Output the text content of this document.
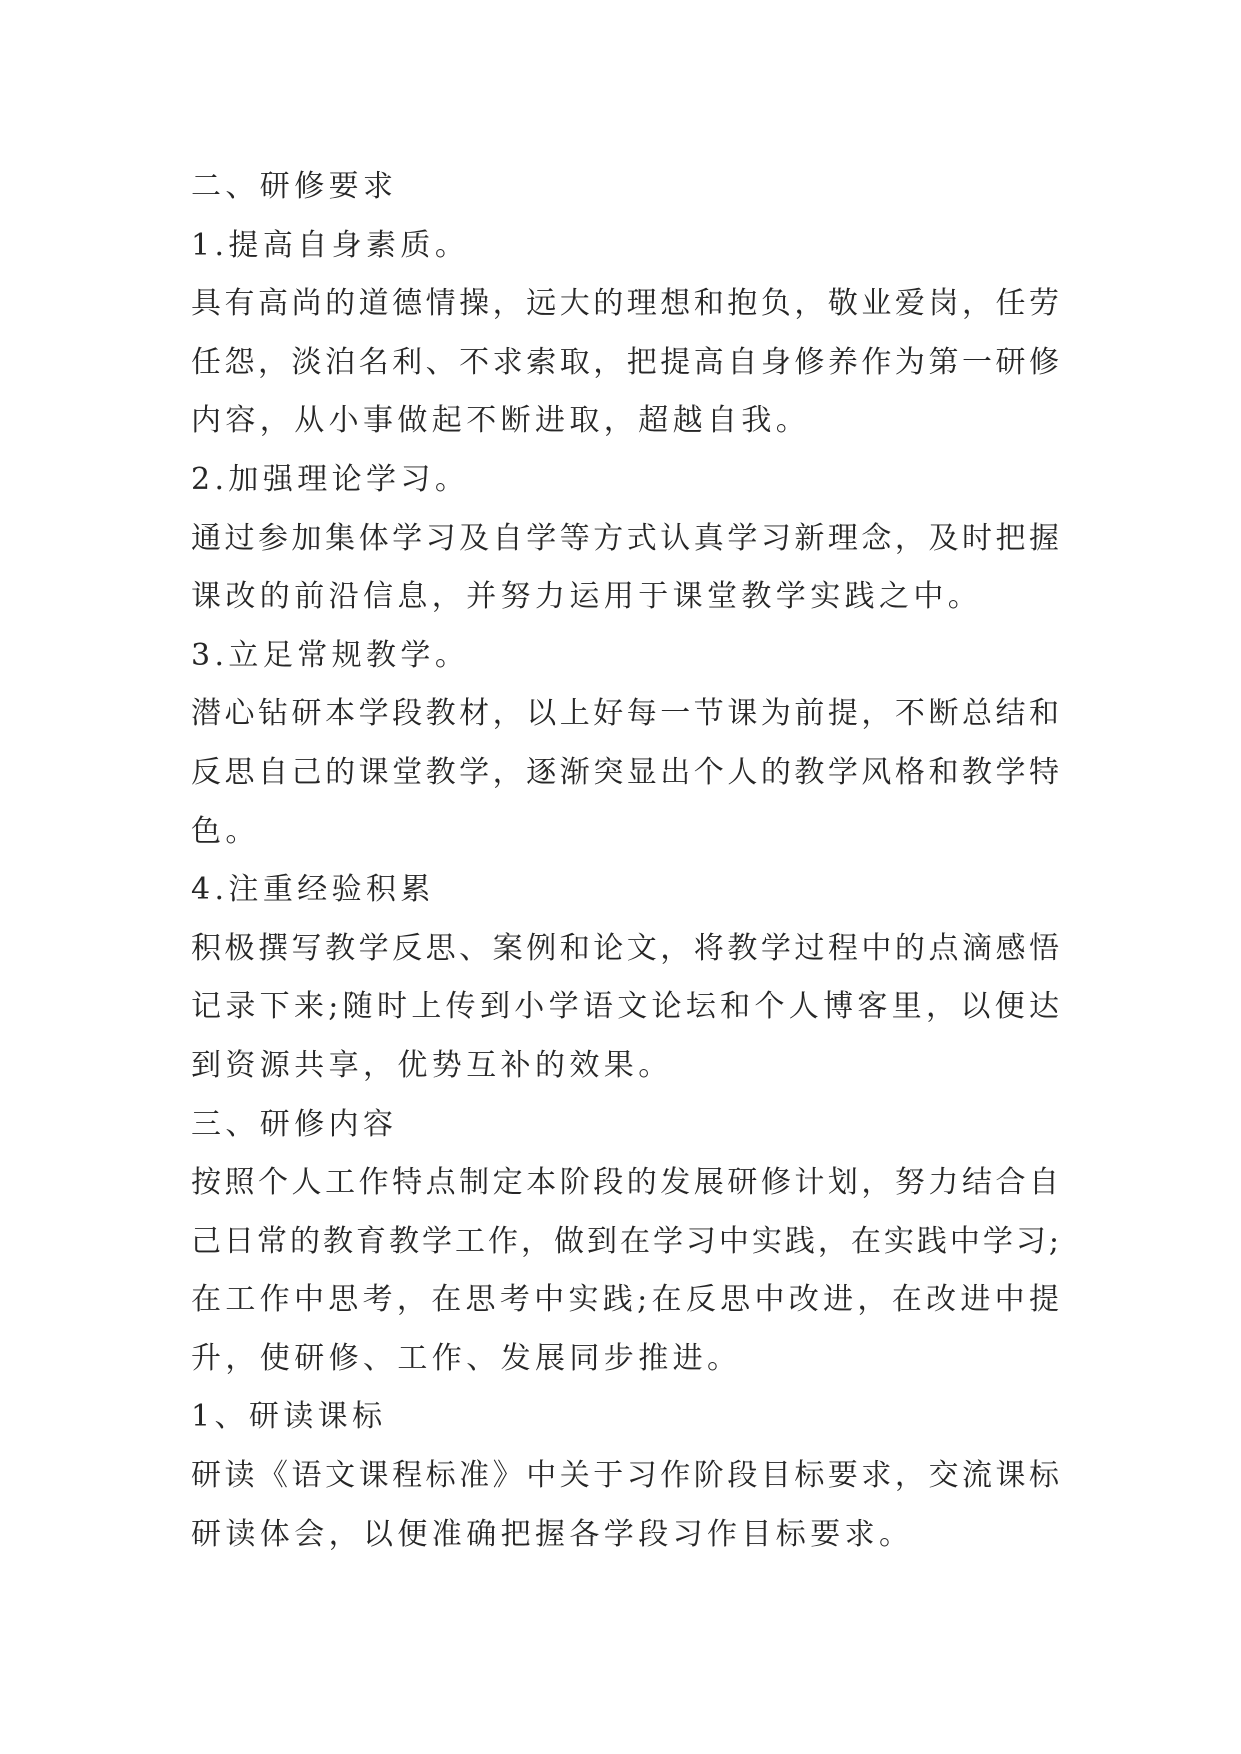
二、研修要求
1.提高自身素质。
具有高尚的道德情操，远大的理想和抱负，敬业爱岗，任劳
任怨，淡泊名利、不求索取，把提高自身修养作为第一研修
内容，从小事做起不断进取，超越自我。
2.加强理论学习。
通过参加集体学习及自学等方式认真学习新理念，及时把握
课改的前沿信息，并努力运用于课堂教学实践之中。
3.立足常规教学。
潜心钻研本学段教材，以上好每一节课为前提，不断总结和
反思自己的课堂教学，逐渐突显出个人的教学风格和教学特
色。
4.注重经验积累
积极撰写教学反思、案例和论文，将教学过程中的点滴感悟
记录下来;随时上传到小学语文论坛和个人博客里，以便达
到资源共享，优势互补的效果。
三、研修内容
按照个人工作特点制定本阶段的发展研修计划，努力结合自
己日常的教育教学工作，做到在学习中实践，在实践中学习;
在工作中思考，在思考中实践;在反思中改进，在改进中提
升，使研修、工作、发展同步推进。
1、研读课标
研读《语文课程标准》中关于习作阶段目标要求，交流课标
研读体会，以便准确把握各学段习作目标要求。
